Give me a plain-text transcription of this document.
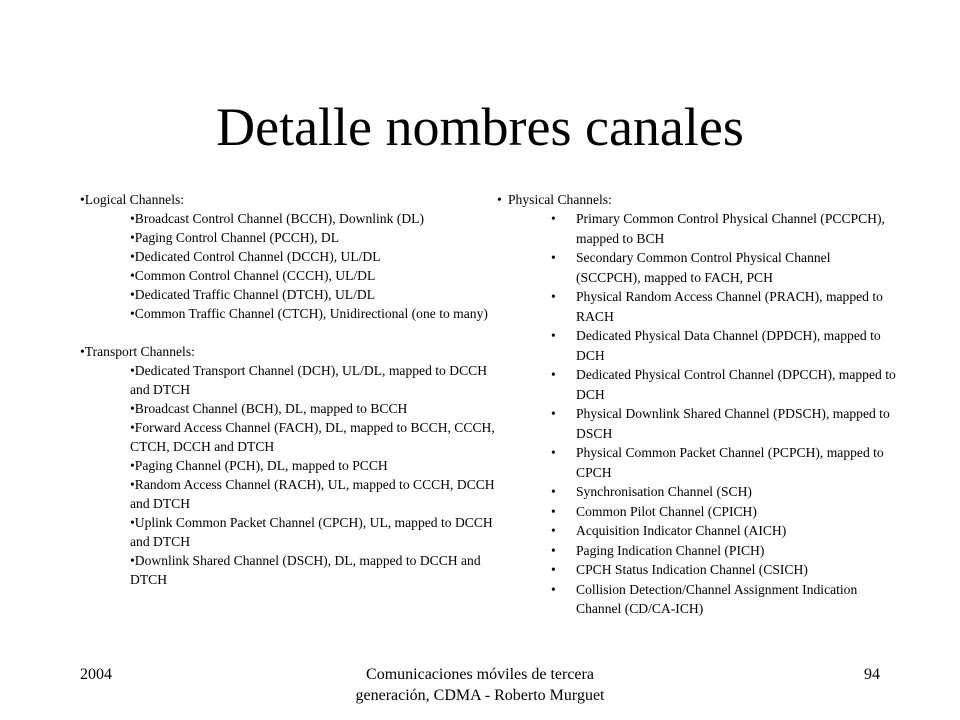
Detalle nombres canales
•Logical Channels:
•Broadcast Control Channel (BCCH), Downlink (DL)
•Paging Control Channel (PCCH), DL
•Dedicated Control Channel (DCCH), UL/DL
•Common Control Channel (CCCH), UL/DL
•Dedicated Traffic Channel (DTCH), UL/DL
•Common Traffic Channel (CTCH), Unidirectional (one to many)
•Transport Channels:
•Dedicated Transport Channel (DCH), UL/DL, mapped to DCCH and DTCH
•Broadcast Channel (BCH), DL, mapped to BCCH
•Forward Access Channel (FACH), DL, mapped to BCCH, CCCH, CTCH, DCCH and DTCH
•Paging Channel (PCH), DL, mapped to PCCH
•Random Access Channel (RACH), UL, mapped to CCCH, DCCH and DTCH
•Uplink Common Packet Channel (CPCH), UL, mapped to DCCH and DTCH
•Downlink Shared Channel (DSCH), DL, mapped to DCCH and DTCH
• Physical Channels:
• Primary Common Control Physical Channel (PCCPCH), mapped to BCH
• Secondary Common Control Physical Channel (SCCPCH), mapped to FACH, PCH
• Physical Random Access Channel (PRACH), mapped to RACH
• Dedicated Physical Data Channel (DPDCH), mapped to DCH
• Dedicated Physical Control Channel (DPCCH), mapped to DCH
• Physical Downlink Shared Channel (PDSCH), mapped to DSCH
• Physical Common Packet Channel (PCPCH), mapped to CPCH
• Synchronisation Channel (SCH)
• Common Pilot Channel (CPICH)
• Acquisition Indicator Channel (AICH)
• Paging Indication Channel (PICH)
• CPCH Status Indication Channel (CSICH)
• Collision Detection/Channel Assignment Indication Channel (CD/CA-ICH)
2004	Comunicaciones móviles de tercera generación, CDMA - Roberto Murguet
94
